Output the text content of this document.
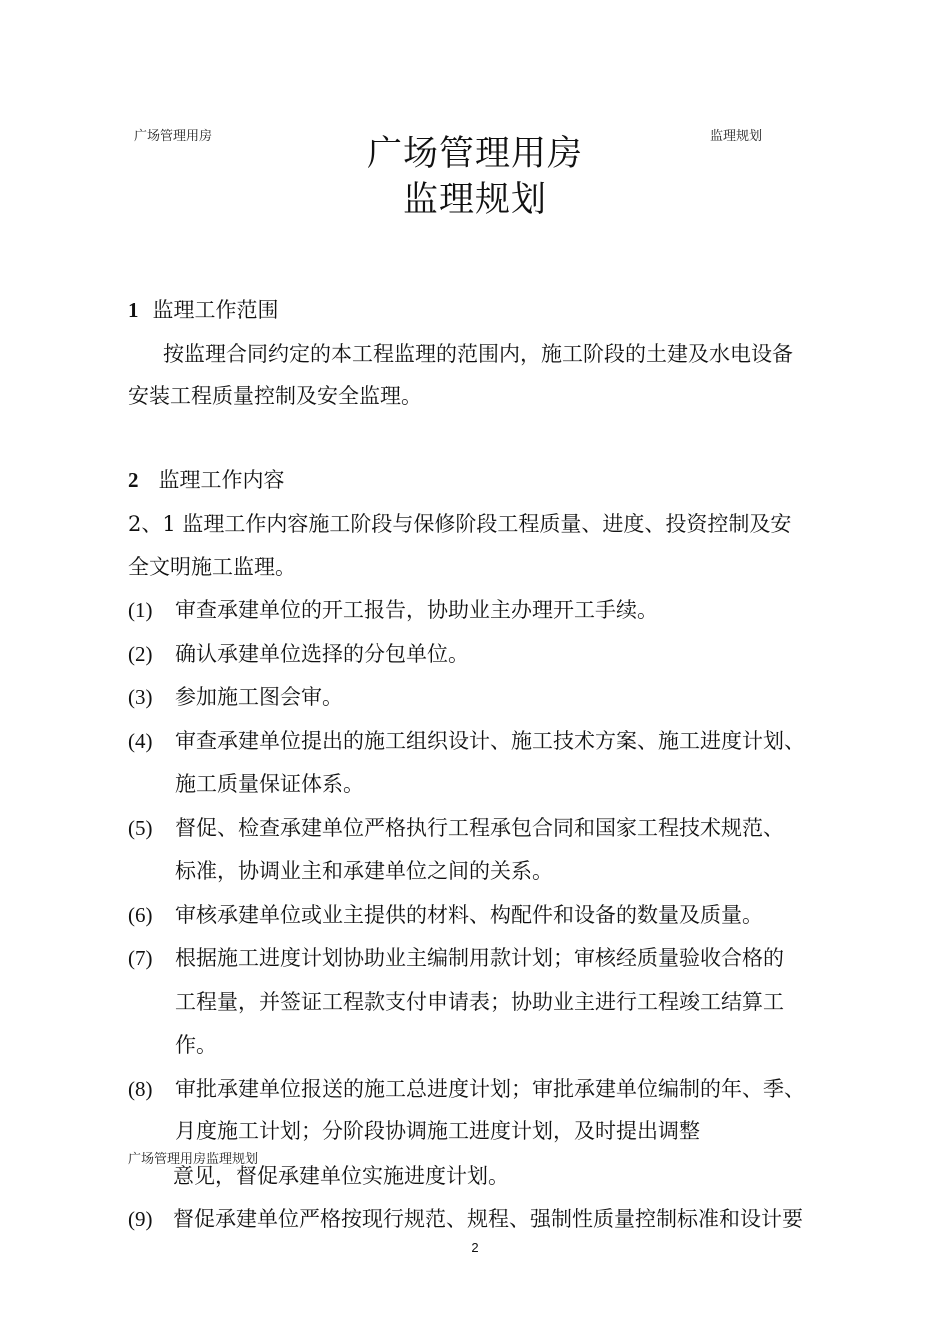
广场管理用房	监理规划
广场管理用房
监理规划
1 监理工作范围
按监理合同约定的本工程监理的范围内，施工阶段的土建及水电设备
安装工程质量控制及安全监理。
2 监理工作内容
2、1 监理工作内容施工阶段与保修阶段工程质量、进度、投资控制及安
全文明施工监理。
(1) 审查承建单位的开工报告，协助业主办理开工手续。
(2) 确认承建单位选择的分包单位。
(3) 参加施工图会审。
(4) 审查承建单位提出的施工组织设计、施工技术方案、施工进度计划、
施工质量保证体系。
(5) 督促、检查承建单位严格执行工程承包合同和国家工程技术规范、
标准，协调业主和承建单位之间的关系。
(6) 审核承建单位或业主提供的材料、构配件和设备的数量及质量。
(7) 根据施工进度计划协助业主编制用款计划；审核经质量验收合格的
工程量，并签证工程款支付申请表；协助业主进行工程竣工结算工
作。
(8) 审批承建单位报送的施工总进度计划；审批承建单位编制的年、季、
月度施工计划；分阶段协调施工进度计划，及时提出调整
广场管理用房监理规划
意见，督促承建单位实施进度计划。
(9) 督促承建单位严格按现行规范、规程、强制性质量控制标准和设计要
2
